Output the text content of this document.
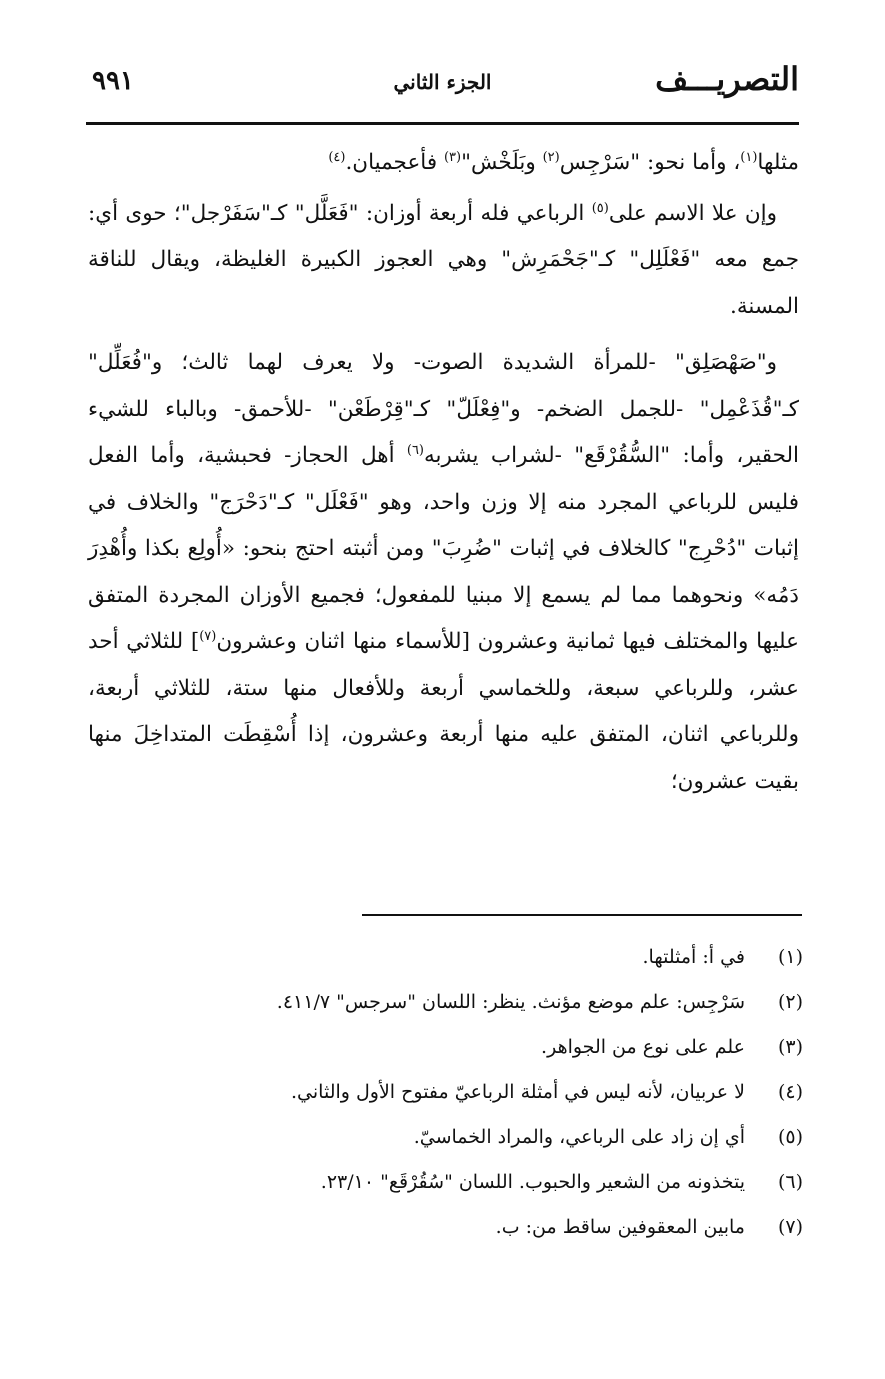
التصريـــف
الجزء الثاني
٩٩١

مثلها$^{(١)}$، وأما نحو: "سَرْجِس$^{(٢)}$ وبَلَخْش"$^{(٣)}$ فأعجميان.$^{(٤)}$

وإن علا الاسم على$^{(٥)}$ الرباعي فله أربعة أوزان: "فَعَلَّل" كـ"سَفَرْجل"؛ حوى أي: جمع معه "فَعْلَلِل" كـ"جَحْمَرِش" وهي العجوز الكبيرة الغليظة، ويقال للناقة المسنة.

و"صَهْصَلِق" -للمرأة الشديدة الصوت- ولا يعرف لهما ثالث؛ و"فُعَلِّل" كـ"قُذَعْمِل" -للجمل الضخم- و"فِعْلَلّ" كـ"قِرْطَعْن" -للأحمق- وبالباء للشيء الحقير، وأما: "السُّقُرْقَع" -لشراب يشربه$^{(٦)}$ أهل الحجاز- فحبشية، وأما الفعل فليس للرباعي المجرد منه إلا وزن واحد، وهو "فَعْلَل" كـ"دَحْرَج" والخلاف في إثبات "دُحْرِج" كالخلاف في إثبات "ضُرِبَ" ومن أثبته احتج بنحو: «أُولِع بكذا وأُهْدِرَ دَمُه» ونحوهما مما لم يسمع إلا مبنيا للمفعول؛ فجميع الأوزان المجردة المتفق عليها والمختلف فيها ثمانية وعشرون [للأسماء منها اثنان وعشرون$^{(٧)}$] للثلاثي أحد عشر، وللرباعي سبعة، وللخماسي أربعة وللأفعال منها ستة، للثلاثي أربعة، وللرباعي اثنان، المتفق عليه منها أربعة وعشرون، إذا أُسْقِطَت المتداخِلَ منها بقيت عشرون؛

(١)
في أ: أمثلتها.
(٢)
سَرْجِس: علم موضع مؤنث. ينظر: اللسان "سرجس" ٤١١/٧.
(٣)
علم على نوع من الجواهر.
(٤)
لا عربيان، لأنه ليس في أمثلة الرباعيّ مفتوح الأول والثاني.
(٥)
أي إن زاد على الرباعي، والمراد الخماسيّ.
(٦)
يتخذونه من الشعير والحبوب. اللسان "سُقُرْقَع" ٢٣/١٠.
(٧)
مابين المعقوفين ساقط من: ب.
